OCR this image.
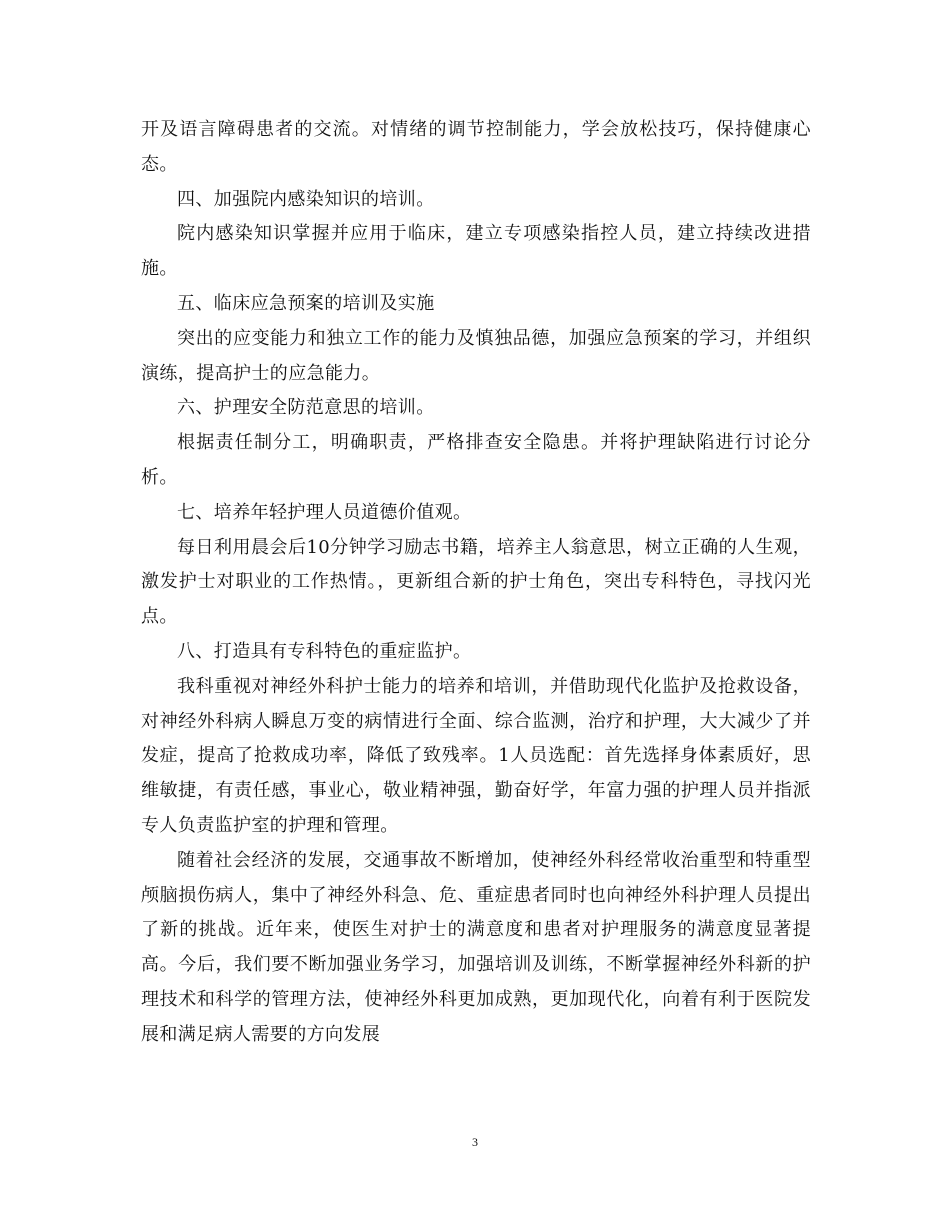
开及语言障碍患者的交流。对情绪的调节控制能力，学会放松技巧，保持健康心态。

四、加强院内感染知识的培训。

院内感染知识掌握并应用于临床，建立专项感染指控人员，建立持续改进措施。

五、临床应急预案的培训及实施

突出的应变能力和独立工作的能力及慎独品德，加强应急预案的学习，并组织演练，提高护士的应急能力。

六、护理安全防范意思的培训。

根据责任制分工，明确职责，严格排查安全隐患。并将护理缺陷进行讨论分析。

七、培养年轻护理人员道德价值观。

每日利用晨会后10分钟学习励志书籍，培养主人翁意思，树立正确的人生观，激发护士对职业的工作热情。，更新组合新的护士角色，突出专科特色，寻找闪光点。

八、打造具有专科特色的重症监护。

我科重视对神经外科护士能力的培养和培训，并借助现代化监护及抢救设备，对神经外科病人瞬息万变的病情进行全面、综合监测，治疗和护理，大大减少了并发症，提高了抢救成功率，降低了致残率。1人员选配：首先选择身体素质好，思维敏捷，有责任感，事业心，敬业精神强，勤奋好学，年富力强的护理人员并指派专人负责监护室的护理和管理。

随着社会经济的发展，交通事故不断增加，使神经外科经常收治重型和特重型颅脑损伤病人，集中了神经外科急、危、重症患者同时也向神经外科护理人员提出了新的挑战。近年来，使医生对护士的满意度和患者对护理服务的满意度显著提高。今后，我们要不断加强业务学习，加强培训及训练，不断掌握神经外科新的护理技术和科学的管理方法，使神经外科更加成熟，更加现代化，向着有利于医院发展和满足病人需要的方向发展

3
